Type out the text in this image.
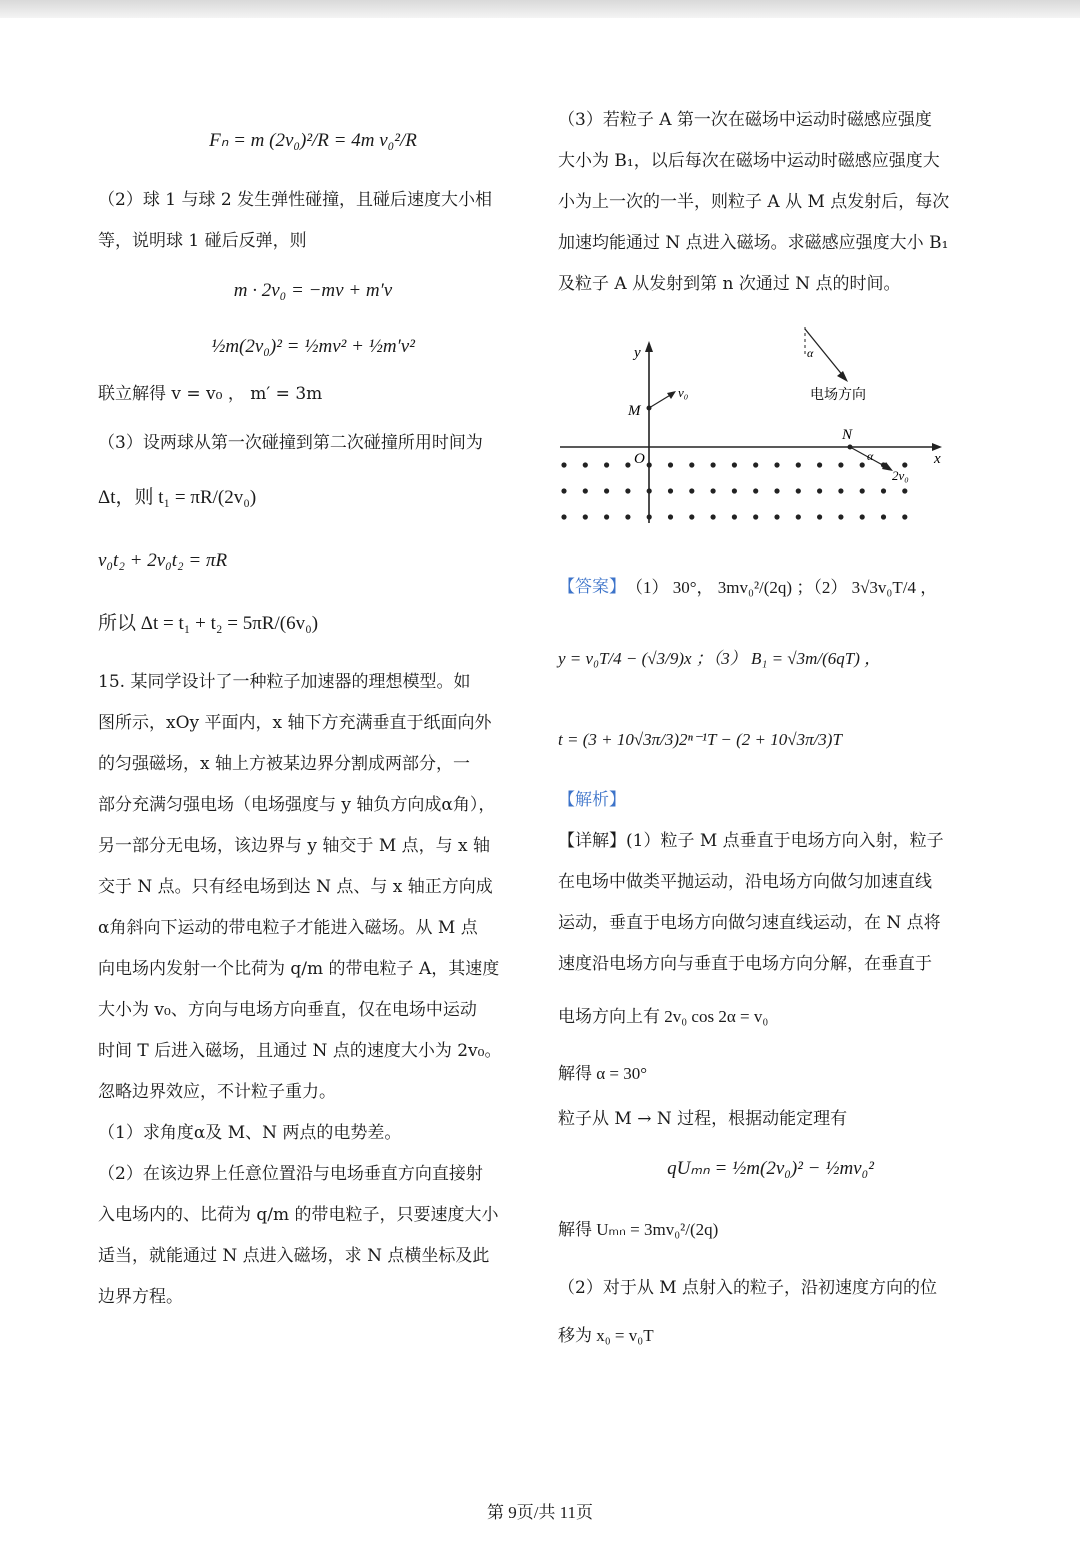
Fₙ = m (2v₀)²/R = 4m v₀²/R

（2）球 1 与球 2 发生弹性碰撞，且碰后速度大小相

等，说明球 1 碰后反弹，则

m · 2v₀ = −mv + m′v
½m(2v₀)² = ½mv² + ½m′v²

联立解得 v = v₀ ， m′ = 3m

（3）设两球从第一次碰撞到第二次碰撞所用时间为

Δt，则 t₁ = πR/(2v₀)
v₀t₂ + 2v₀t₂ = πR
所以 Δt = t₁ + t₂ = 5πR/(6v₀)

15. 某同学设计了一种粒子加速器的理想模型。如

图所示，xOy 平面内，x 轴下方充满垂直于纸面向外

的匀强磁场，x 轴上方被某边界分割成两部分，一

部分充满匀强电场（电场强度与 y 轴负方向成α角），

另一部分无电场，该边界与 y 轴交于 M 点，与 x 轴

交于 N 点。只有经电场到达 N 点、与 x 轴正方向成

α角斜向下运动的带电粒子才能进入磁场。从 M 点

向电场内发射一个比荷为 q/m 的带电粒子 A，其速度

大小为 v₀、方向与电场方向垂直，仅在电场中运动

时间 T 后进入磁场，且通过 N 点的速度大小为 2v₀。

忽略边界效应，不计粒子重力。

（1）求角度α及 M、N 两点的电势差。

（2）在该边界上任意位置沿与电场垂直方向直接射

入电场内的、比荷为 q/m 的带电粒子，只要速度大小

适当，就能通过 N 点进入磁场，求 N 点横坐标及此

边界方程。

（3）若粒子 A 第一次在磁场中运动时磁感应强度

大小为 B₁，以后每次在磁场中运动时磁感应强度大

小为上一次的一半，则粒子 A 从 M 点发射后，每次

加速均能通过 N 点进入磁场。求磁感应强度大小 B₁

及粒子 A 从发射到第 n 次通过 N 点的时间。

x
y
O
M
v₀
α
电场方向
N
α
2v₀
【答案】 （1） 30°， 3mv₀²/(2q) ；（2） 3√3v₀T/4 ，
y = v₀T/4 − (√3/9)x ；（3） B₁ = √3m/(6qT) ，
t = (3 + 10√3π/3)2ⁿ⁻¹T − (2 + 10√3π/3)T

【解析】

【详解】(1）粒子 M 点垂直于电场方向入射，粒子

在电场中做类平抛运动，沿电场方向做匀加速直线

运动，垂直于电场方向做匀速直线运动，在 N 点将

速度沿电场方向与垂直于电场方向分解，在垂直于

电场方向上有 2v₀ cos 2α = v₀
解得 α = 30°

粒子从 M → N 过程，根据动能定理有

qUₘₙ = ½m(2v₀)² − ½mv₀²
解得 Uₘₙ = 3mv₀²/(2q)

（2）对于从 M 点射入的粒子，沿初速度方向的位

移为 x₀ = v₀T
第 9页/共 11页
